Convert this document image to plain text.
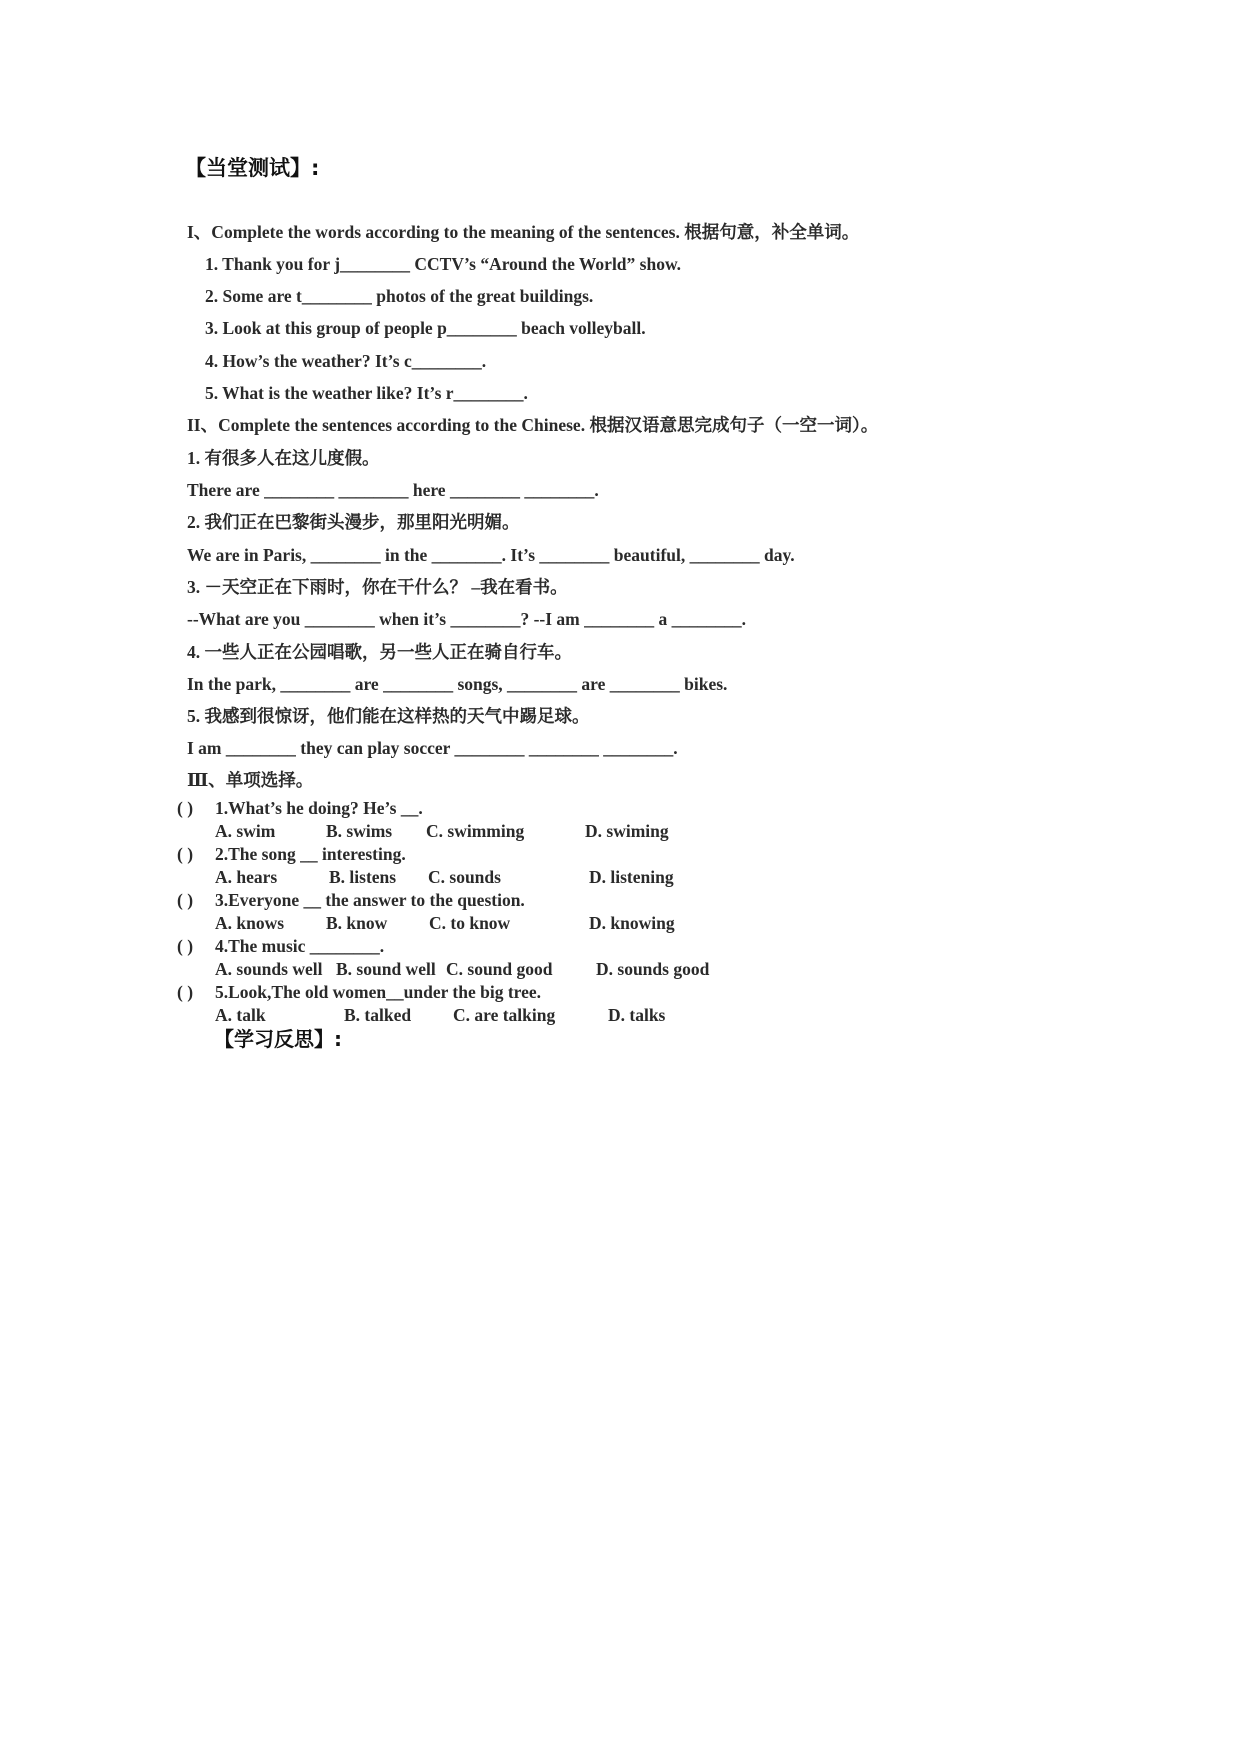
【当堂测试】:
I、Complete the words according to the meaning of the sentences. 根据句意，补全单词。
1. Thank you for j________ CCTV’s “Around the World” show.
2. Some are t________ photos of the great buildings.
3. Look at this group of people p________ beach volleyball.
4. How’s the weather? It’s c________.
5. What is the weather like? It’s r________.
II、Complete the sentences according to the Chinese. 根据汉语意思完成句子（一空一词）。
1. 有很多人在这儿度假。
There are ________ ________ here ________ ________.
2. 我们正在巴黎街头漫步，那里阳光明媚。
We are in Paris, ________ in the ________. It’s ________ beautiful, ________ day.
3. －天空正在下雨时，你在干什么？ –我在看书。
--What are you ________ when it’s ________? --I am ________ a ________.
4. 一些人正在公园唱歌，另一些人正在骑自行车。
In the park, ________ are ________ songs, ________ are ________ bikes.
5. 我感到很惊讶，他们能在这样热的天气中踢足球。
I am ________ they can play soccer ________ ________ ________.
Ⅲ、单项选择。
( ) 1.What’s he doing? He’s __.
A. swim	B. swims C. swimming	D. swiming
( ) 2.The song __ interesting.
A. hears	B. listens C. sounds	D. listening
( ) 3.Everyone __ the answer to the question.
A. knows B. know C. to know	D. knowing
( ) 4.The music ________.
A. sounds well B. sound well C. sound good D. sounds good
( ) 5.Look,The old women__under the big tree.
A. talk	B. talked C. are talking	D. talks
【学习反思】:
